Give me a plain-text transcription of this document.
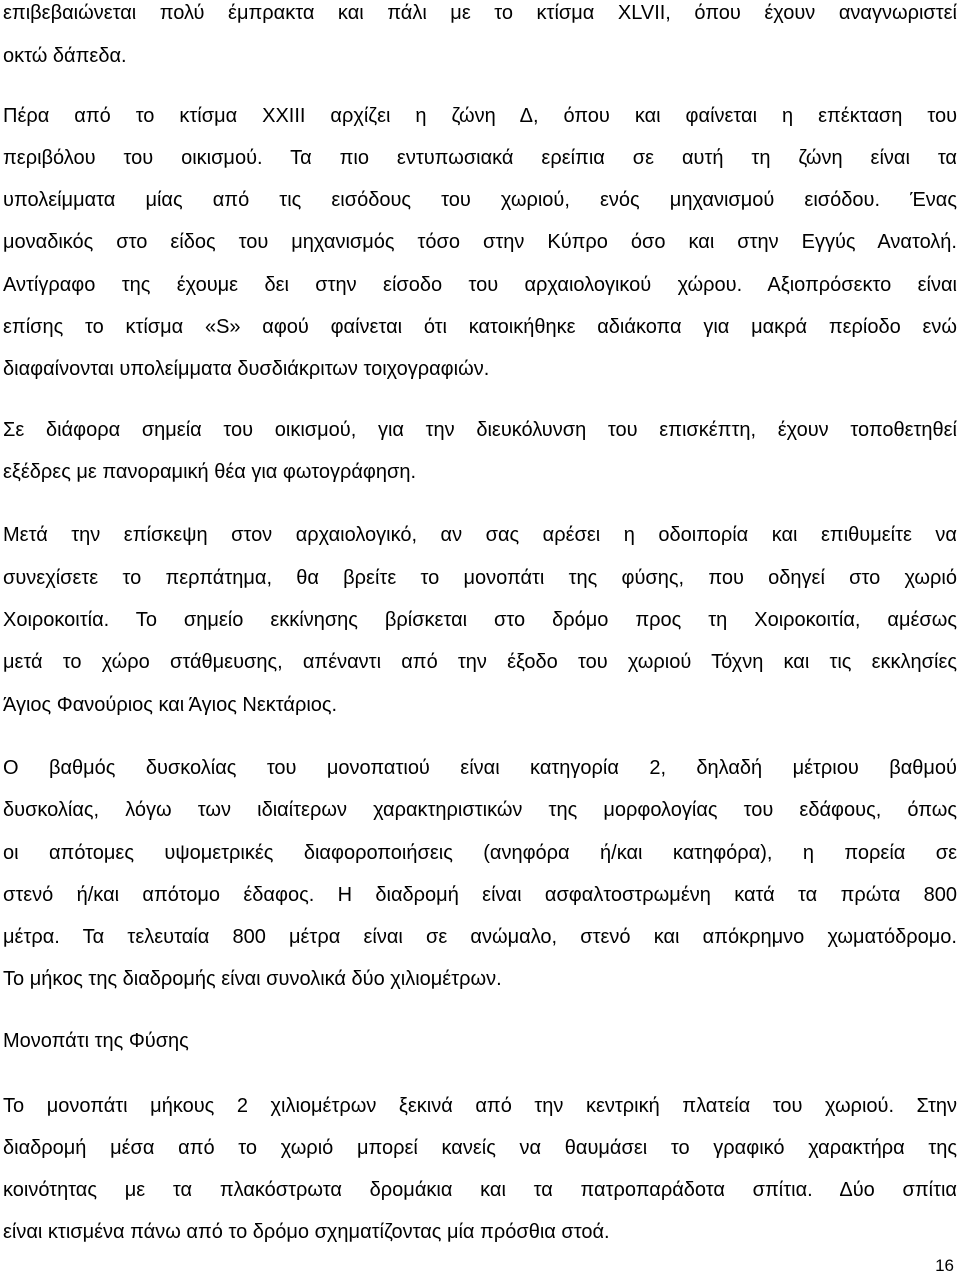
επιβεβαιώνεται πολύ έμπρακτα και πάλι με το κτίσμα XLVII, όπου έχουν αναγνωριστεί
οκτώ δάπεδα.
Πέρα από το κτίσμα XXIII αρχίζει η ζώνη Δ, όπου και φαίνεται η επέκταση του
περιβόλου του οικισμού. Τα πιο εντυπωσιακά ερείπια σε αυτή τη ζώνη είναι τα
υπολείμματα μίας από τις εισόδους του χωριού, ενός μηχανισμού εισόδου. Ένας
μοναδικός στο είδος του μηχανισμός τόσο στην Κύπρο όσο και στην Εγγύς Ανατολή.
Αντίγραφο της έχουμε δει στην είσοδο του αρχαιολογικού χώρου. Αξιοπρόσεκτο είναι
επίσης το κτίσμα «S» αφού φαίνεται ότι κατοικήθηκε αδιάκοπα για μακρά περίοδο ενώ
διαφαίνονται υπολείμματα δυσδιάκριτων τοιχογραφιών.
Σε διάφορα σημεία του οικισμού, για την διευκόλυνση του επισκέπτη, έχουν τοποθετηθεί
εξέδρες με πανοραμική θέα για φωτογράφηση.
Μετά την επίσκεψη στον αρχαιολογικό, αν σας αρέσει η οδοιπορία και επιθυμείτε να
συνεχίσετε το περπάτημα, θα βρείτε το μονοπάτι της φύσης, που οδηγεί στο χωριό
Χοιροκοιτία. Το σημείο εκκίνησης βρίσκεται στο δρόμο προς τη Χοιροκοιτία, αμέσως
μετά το χώρο στάθμευσης, απέναντι από την έξοδο του χωριού Τόχνη και τις εκκλησίες
Άγιος Φανούριος και Άγιος Νεκτάριος.
Ο βαθμός δυσκολίας του μονοπατιού είναι κατηγορία 2, δηλαδή μέτριου βαθμού
δυσκολίας, λόγω των ιδιαίτερων χαρακτηριστικών της μορφολογίας του εδάφους, όπως
οι απότομες υψομετρικές διαφοροποιήσεις (ανηφόρα ή/και κατηφόρα), η πορεία σε
στενό ή/και απότομο έδαφος. Η διαδρομή είναι ασφαλτοστρωμένη κατά τα πρώτα 800
μέτρα. Τα τελευταία 800 μέτρα είναι σε ανώμαλο, στενό και απόκρημνο χωματόδρομο.
Το μήκος της διαδρομής είναι συνολικά δύο χιλιομέτρων.
Μονοπάτι της Φύσης
Το μονοπάτι μήκους 2 χιλιομέτρων ξεκινά από την κεντρική πλατεία του χωριού. Στην
διαδρομή μέσα από το χωριό μπορεί κανείς να θαυμάσει το γραφικό χαρακτήρα της
κοινότητας με τα πλακόστρωτα δρομάκια και τα πατροπαράδοτα σπίτια. Δύο σπίτια
είναι κτισμένα πάνω από το δρόμο σχηματίζοντας μία πρόσθια στοά.
16
